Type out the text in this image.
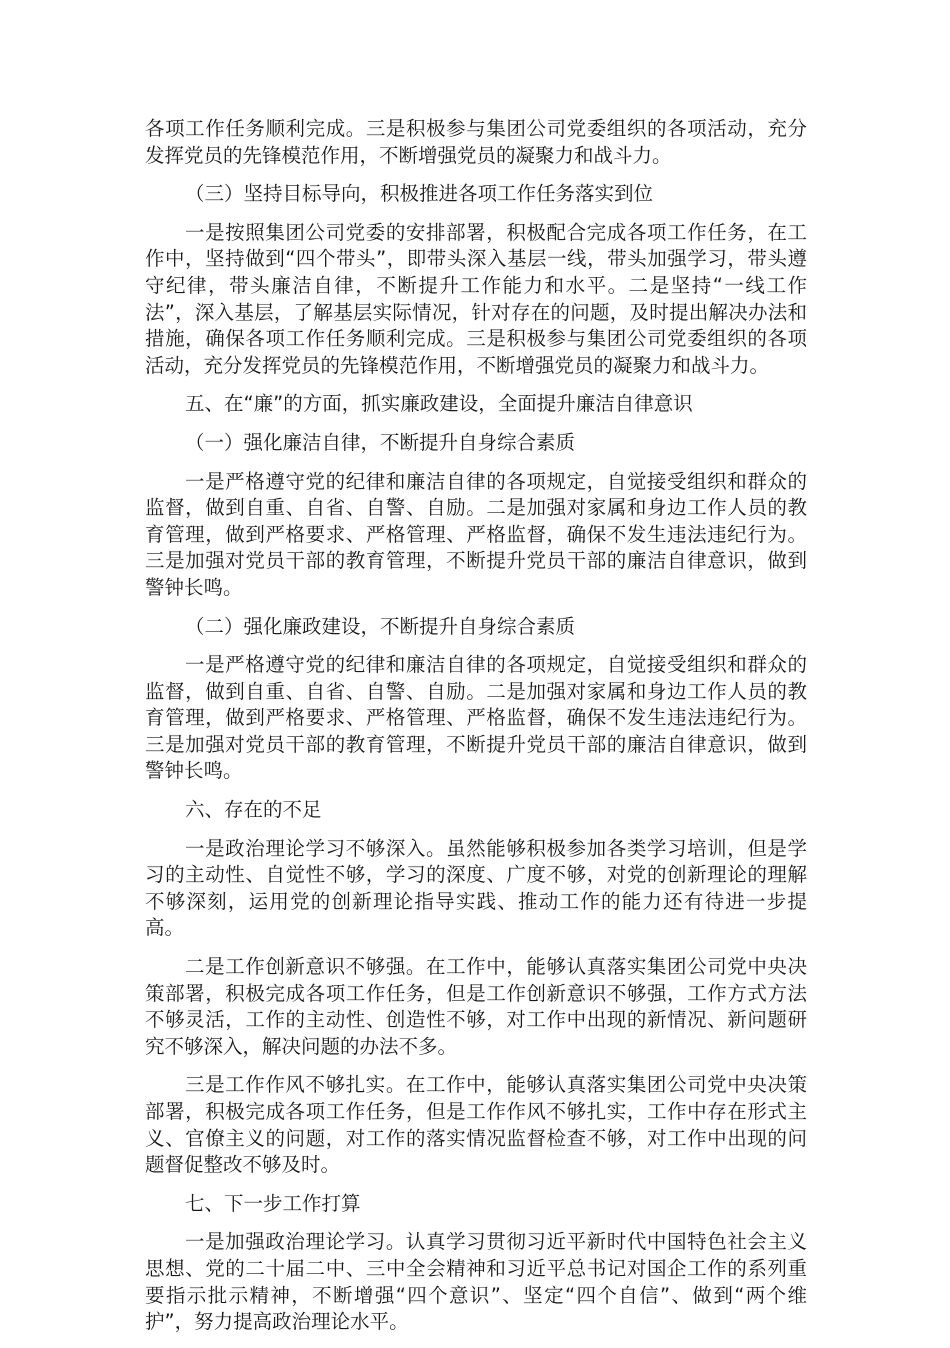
各项工作任务顺利完成。三是积极参与集团公司党委组织的各项活动，充分发挥党员的先锋模范作用，不断增强党员的凝聚力和战斗力。

（三）坚持目标导向，积极推进各项工作任务落实到位

一是按照集团公司党委的安排部署，积极配合完成各项工作任务，在工作中，坚持做到“四个带头”，即带头深入基层一线，带头加强学习，带头遵守纪律，带头廉洁自律，不断提升工作能力和水平。二是坚持“一线工作法”，深入基层，了解基层实际情况，针对存在的问题，及时提出解决办法和措施，确保各项工作任务顺利完成。三是积极参与集团公司党委组织的各项活动，充分发挥党员的先锋模范作用，不断增强党员的凝聚力和战斗力。

五、在“廉”的方面，抓实廉政建设，全面提升廉洁自律意识

（一）强化廉洁自律，不断提升自身综合素质

一是严格遵守党的纪律和廉洁自律的各项规定，自觉接受组织和群众的监督，做到自重、自省、自警、自励。二是加强对家属和身边工作人员的教育管理，做到严格要求、严格管理、严格监督，确保不发生违法违纪行为。三是加强对党员干部的教育管理，不断提升党员干部的廉洁自律意识，做到警钟长鸣。

（二）强化廉政建设，不断提升自身综合素质

一是严格遵守党的纪律和廉洁自律的各项规定，自觉接受组织和群众的监督，做到自重、自省、自警、自励。二是加强对家属和身边工作人员的教育管理，做到严格要求、严格管理、严格监督，确保不发生违法违纪行为。三是加强对党员干部的教育管理，不断提升党员干部的廉洁自律意识，做到警钟长鸣。

六、存在的不足

一是政治理论学习不够深入。虽然能够积极参加各类学习培训，但是学习的主动性、自觉性不够，学习的深度、广度不够，对党的创新理论的理解不够深刻，运用党的创新理论指导实践、推动工作的能力还有待进一步提高。

二是工作创新意识不够强。在工作中，能够认真落实集团公司党中央决策部署，积极完成各项工作任务，但是工作创新意识不够强，工作方式方法不够灵活，工作的主动性、创造性不够，对工作中出现的新情况、新问题研究不够深入，解决问题的办法不多。

三是工作作风不够扎实。在工作中，能够认真落实集团公司党中央决策部署，积极完成各项工作任务，但是工作作风不够扎实，工作中存在形式主义、官僚主义的问题，对工作的落实情况监督检查不够，对工作中出现的问题督促整改不够及时。

七、下一步工作打算

一是加强政治理论学习。认真学习贯彻习近平新时代中国特色社会主义思想、党的二十届二中、三中全会精神和习近平总书记对国企工作的系列重要指示批示精神，不断增强“四个意识”、坚定“四个自信”、做到“两个维护”，努力提高政治理论水平。
